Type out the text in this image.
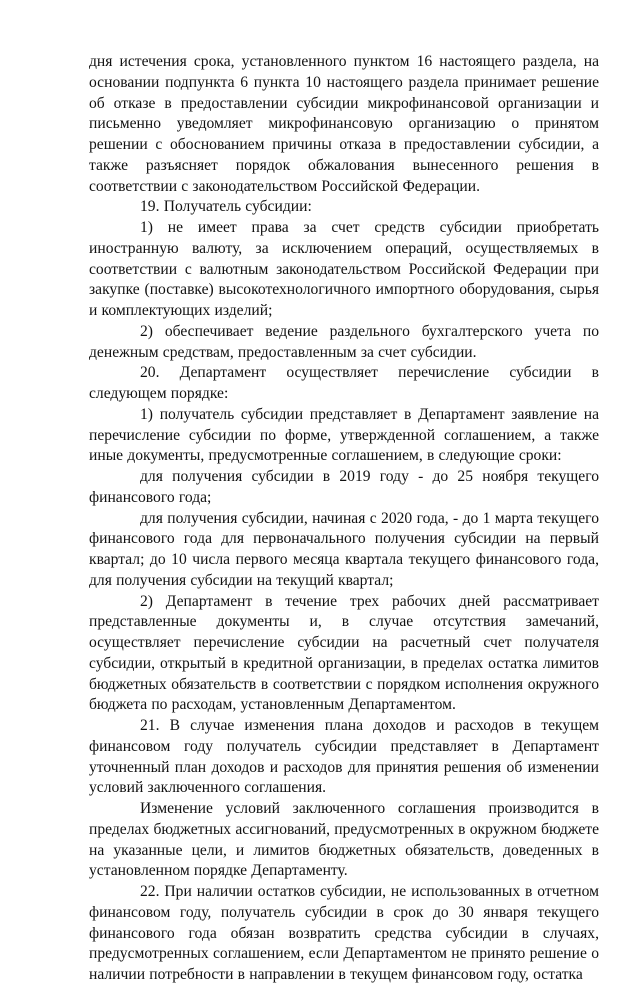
дня истечения срока, установленного пунктом 16 настоящего раздела, на основании подпункта 6 пункта 10 настоящего раздела принимает решение об отказе в предоставлении субсидии микрофинансовой организации и письменно уведомляет микрофинансовую организацию о принятом решении с обоснованием причины отказа в предоставлении субсидии, а также разъясняет порядок обжалования вынесенного решения в соответствии с законодательством Российской Федерации.

19. Получатель субсидии:

1) не имеет права за счет средств субсидии приобретать иностранную валюту, за исключением операций, осуществляемых в соответствии с валютным законодательством Российской Федерации при закупке (поставке) высокотехнологичного импортного оборудования, сырья и комплектующих изделий;

2) обеспечивает ведение раздельного бухгалтерского учета по денежным средствам, предоставленным за счет субсидии.

20. Департамент осуществляет перечисление субсидии в следующем порядке:

1) получатель субсидии представляет в Департамент заявление на перечисление субсидии по форме, утвержденной соглашением, а также иные документы, предусмотренные соглашением, в следующие сроки:

для получения субсидии в 2019 году - до 25 ноября текущего финансового года;

для получения субсидии, начиная с 2020 года, - до 1 марта текущего финансового года для первоначального получения субсидии на первый квартал; до 10 числа первого месяца квартала текущего финансового года, для получения субсидии на текущий квартал;

2) Департамент в течение трех рабочих дней рассматривает представленные документы и, в случае отсутствия замечаний, осуществляет перечисление субсидии на расчетный счет получателя субсидии, открытый в кредитной организации, в пределах остатка лимитов бюджетных обязательств в соответствии с порядком исполнения окружного бюджета по расходам, установленным Департаментом.

21. В случае изменения плана доходов и расходов в текущем финансовом году получатель субсидии представляет в Департамент уточненный план доходов и расходов для принятия решения об изменении условий заключенного соглашения.

Изменение условий заключенного соглашения производится в пределах бюджетных ассигнований, предусмотренных в окружном бюджете на указанные цели, и лимитов бюджетных обязательств, доведенных в установленном порядке Департаменту.

22. При наличии остатков субсидии, не использованных в отчетном финансовом году, получатель субсидии в срок до 30 января текущего финансового года обязан возвратить средства субсидии в случаях, предусмотренных соглашением, если Департаментом не принято решение о наличии потребности в направлении в текущем финансовом году, остатка
